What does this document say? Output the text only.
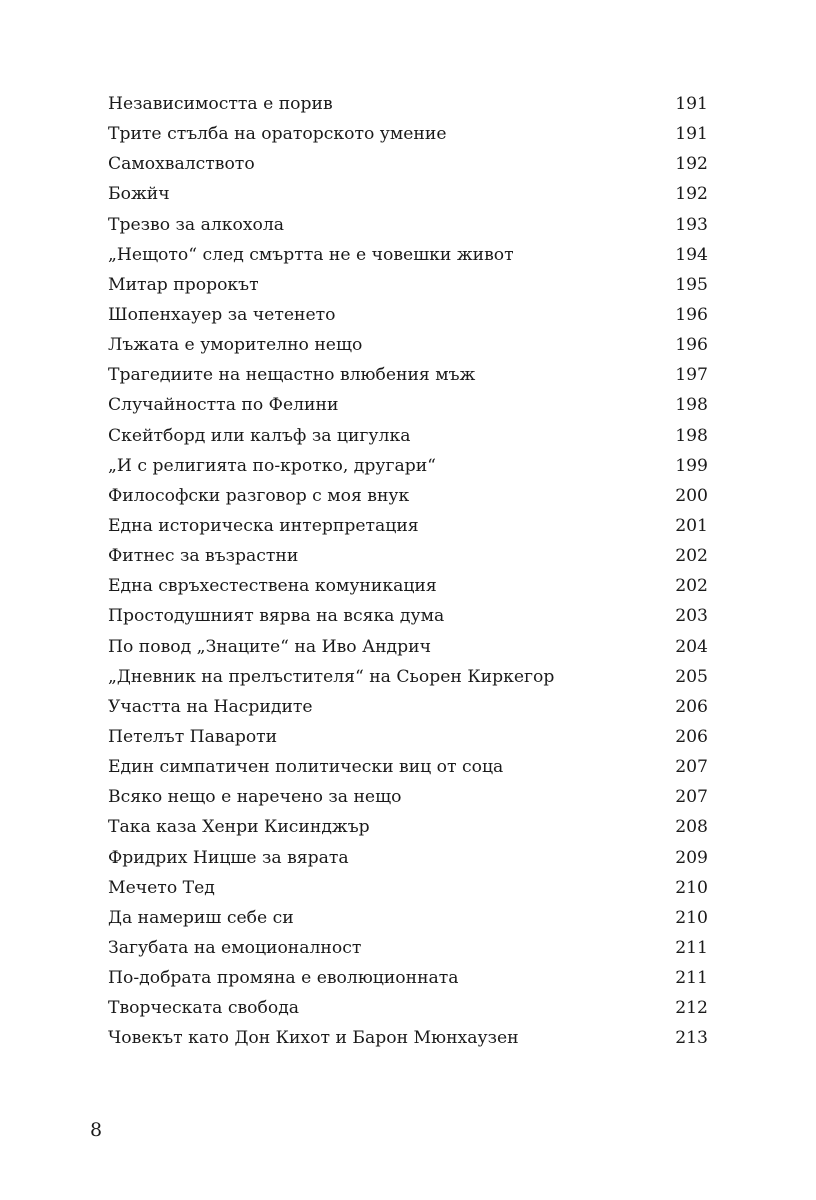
Независимостта е порив	191
Трите стълба на ораторското умение	191
Самохвалството	192
Божйч	192
Трезво за алкохола	193
„Нещото“ след смъртта не е човешки живот	194
Митар пророкът	195
Шопенхауер за четенето	196
Лъжата е уморително нещо	196
Трагедиите на нещастно влюбения мъж	197
Случайността по Фелини	198
Скейтборд или калъф за цигулка	198
„И с религията по-кротко, другари“	199
Философски разговор с моя внук	200
Една историческа интерпретация	201
Фитнес за възрастни	202
Една свръхестествена комуникация	202
Простодушният вярва на всяка дума	203
По повод „Знаците“ на Иво Андрич	204
„Дневник на прелъстителя“ на Сьорен Киркегор	205
Участта на Насридите	206
Петелът Павароти	206
Един симпатичен политически виц от соца	207
Всяко нещо е наречено за нещо	207
Така каза Хенри Кисинджър	208
Фридрих Ницше за вярата	209
Мечето Тед	210
Да намериш себе си	210
Загубата на емоционалност	211
По-добрата промяна е еволюционната	211
Творческата свобода	212
Човекът като Дон Кихот и Барон Мюнхаузен	213
8
